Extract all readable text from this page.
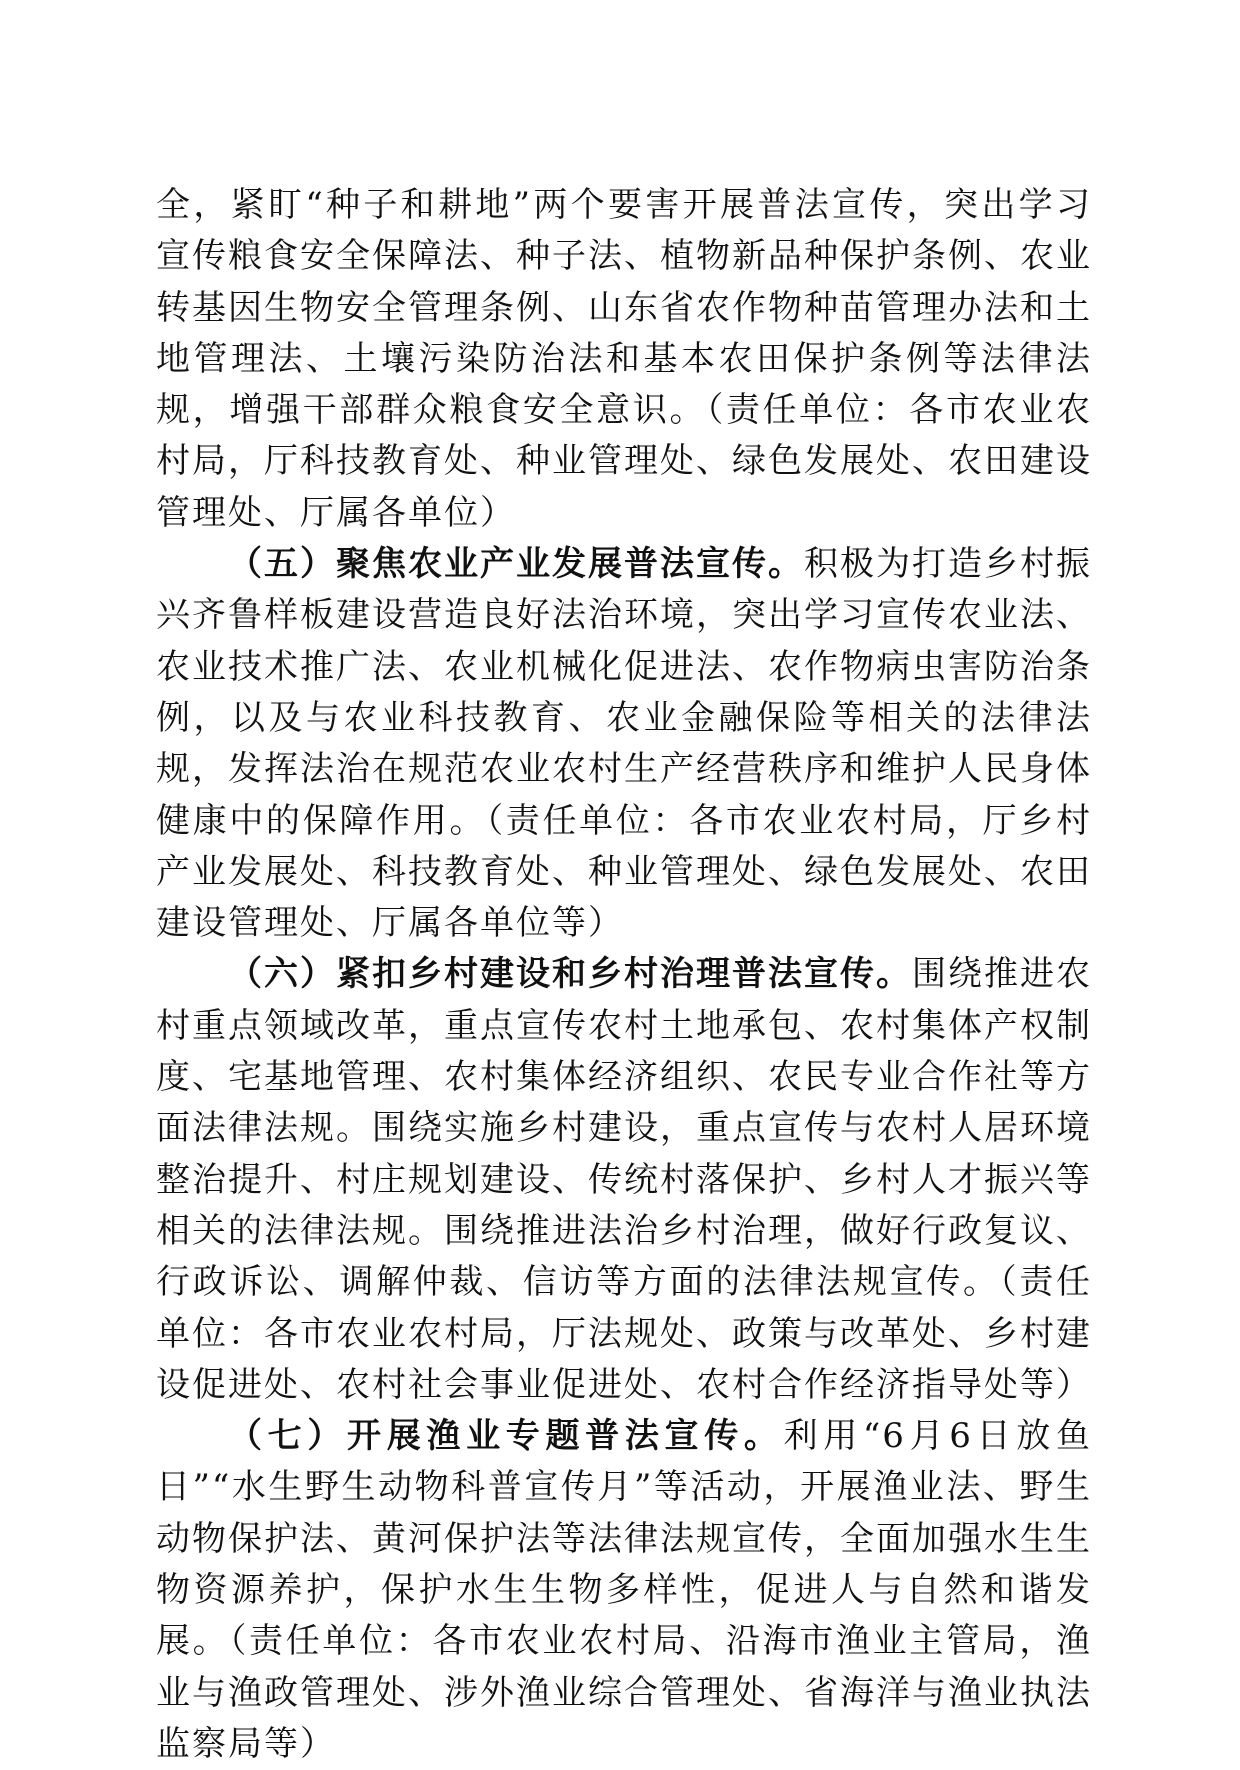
全，紧盯“种子和耕地”两个要害开展普法宣传，突出学习宣传粮食安全保障法、种子法、植物新品种保护条例、农业转基因生物安全管理条例、山东省农作物种苗管理办法和土地管理法、土壤污染防治法和基本农田保护条例等法律法规，增强干部群众粮食安全意识。（责任单位：各市农业农村局，厅科技教育处、种业管理处、绿色发展处、农田建设管理处、厅属各单位）

（五）聚焦农业产业发展普法宣传。积极为打造乡村振兴齐鲁样板建设营造良好法治环境，突出学习宣传农业法、农业技术推广法、农业机械化促进法、农作物病虫害防治条例，以及与农业科技教育、农业金融保险等相关的法律法规，发挥法治在规范农业农村生产经营秩序和维护人民身体健康中的保障作用。（责任单位：各市农业农村局，厅乡村产业发展处、科技教育处、种业管理处、绿色发展处、农田建设管理处、厅属各单位等）

（六）紧扣乡村建设和乡村治理普法宣传。围绕推进农村重点领域改革，重点宣传农村土地承包、农村集体产权制度、宅基地管理、农村集体经济组织、农民专业合作社等方面法律法规。围绕实施乡村建设，重点宣传与农村人居环境整治提升、村庄规划建设、传统村落保护、乡村人才振兴等相关的法律法规。围绕推进法治乡村治理，做好行政复议、行政诉讼、调解仲裁、信访等方面的法律法规宣传。（责任单位：各市农业农村局，厅法规处、政策与改革处、乡村建设促进处、农村社会事业促进处、农村合作经济指导处等）

（七）开展渔业专题普法宣传。利用“6月6日放鱼日”“水生野生动物科普宣传月”等活动，开展渔业法、野生动物保护法、黄河保护法等法律法规宣传，全面加强水生生物资源养护，保护水生生物多样性，促进人与自然和谐发展。（责任单位：各市农业农村局、沿海市渔业主管局，渔业与渔政管理处、涉外渔业综合管理处、省海洋与渔业执法监察局等）
